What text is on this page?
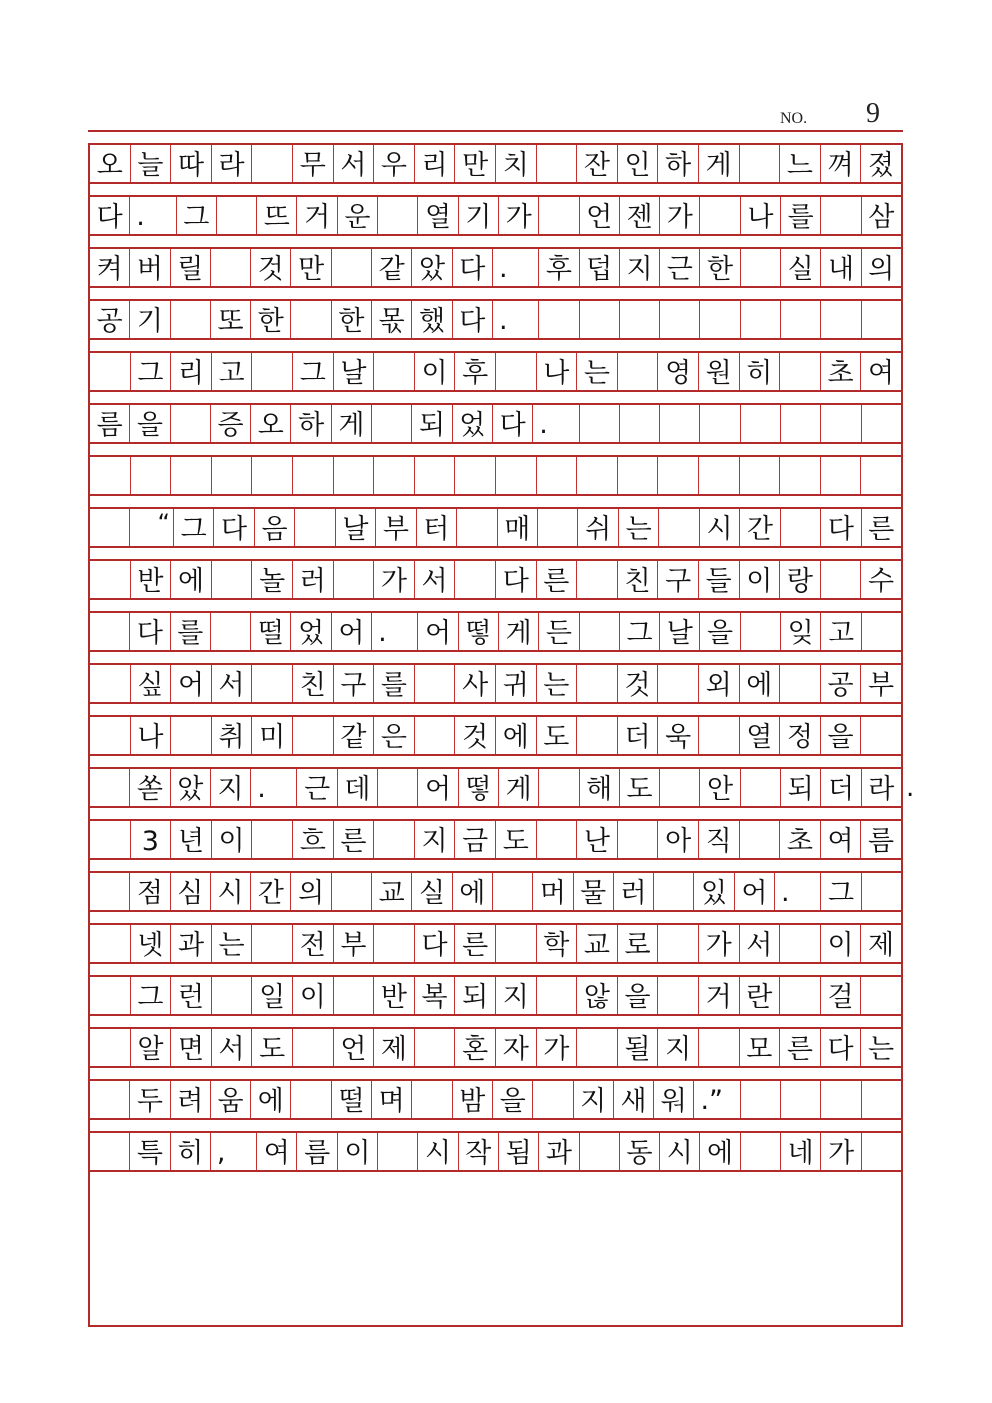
NO. 9
오 늘 따 라 무 서 우 리 만 치 잔 인 하 게 느 껴 졌
다 .	그 뜨 거 운 열 기 가 언 젠 가 나 를 삼
켜 버 릴 것 만 같 았 다 .	후 덥 지 근 한 실 내 의
공 기 또 한 한 몫 했 다 .
그 리 고 그 날 이 후 나 는 영 원 히 초 여
름 을 증 오 하 게 되 었 다 .
“ 그 다 음 날 부 터 매 쉬 는 시 간 다 른
반 에 놀 러 가 서 다 른 친 구 들 이 랑 수
다 를 떨 었 어 .	어 떻 게 든 그 날 을 잊 고
싶 어 서 친 구 를 사 귀 는 것 외 에 공 부
나 취 미 같 은 것 에 도 더 욱 열 정 을
쏟 았 지 .	근 데 어 떻 게 해 도 안 되 더 라
3 년 이 흐 른 지 금 도 난 아 직 초 여 름
점 심 시 간 의 교 실 에 머 물 러 있 어 .	그
넷 과 는 전 부 다 른 학 교 로 가 서 이 제
그 런 일 이 반 복 되 지 않 을 거 란 걸
알 면 서 도 언 제 혼 자 가 될 지 모 른 다 는
두 려 움 에 떨 며 밤 을 지 새 워 .”
특 히 ,	여 름 이 시 작 됨 과 동 시 에 네 가
.
